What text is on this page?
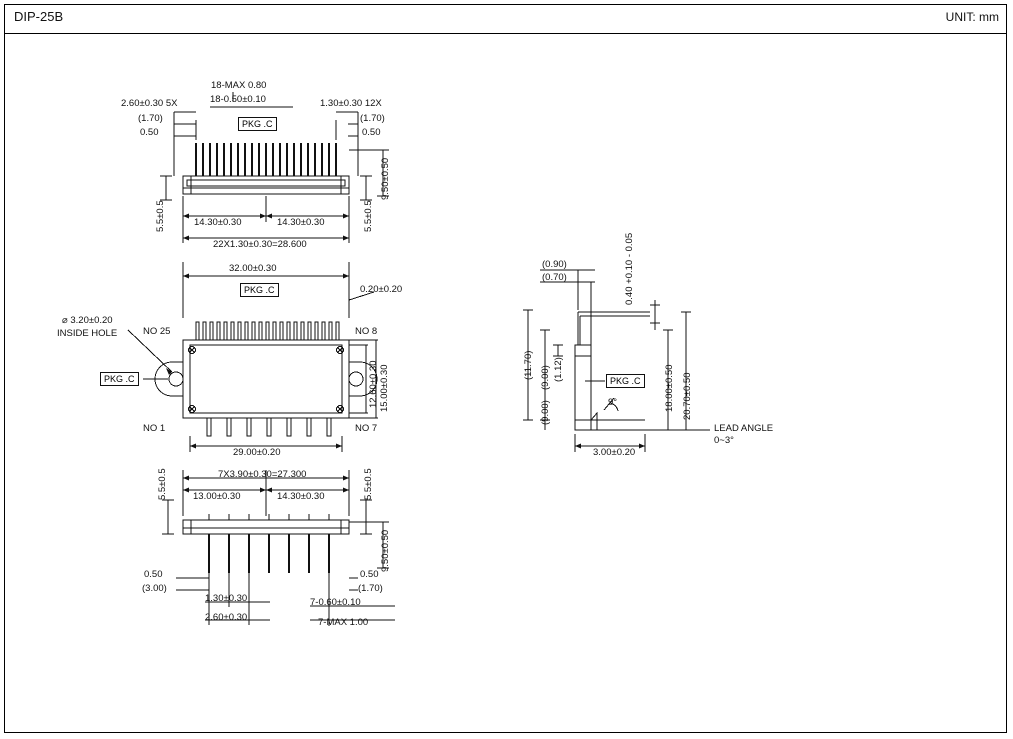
DIP-25B	UNIT: mm
PKG .C
18-MAX 0.80
18-0.50±0.10
2.60±0.30 5X
(1.70)
0.50
1.30±0.30 12X
(1.70)
0.50
5.5±0.5	5.5±0.5
9.50±0.50
14.30±0.30	14.30±0.30
22X1.30±0.30=28.600
32.00±0.30
PKG .C	0.20±0.20
⌀ 3.20±0.20
INSIDE HOLE
PKG .C
NO 25	NO 8
NO 1	NO 7
15.00±0.30
12.60±0.30
29.00±0.20
7X3.90±0.30=27.300
13.00±0.30	14.30±0.30
5.5±0.5	5.5±0.5
9.50±0.50
0.50
(3.00)
0.50
(1.70)
1.30±0.30
2.60±0.30
7-0.60±0.10
7-MAX 1.00
(0.90)
(0.70)
0.40 +0.10 - 0.05
(11.70) (9.00) (1.12)
(9.00)
PKG .C	18.00±0.50 20.70±0.50
9°
3.00±0.20
LEAD ANGLE
0~3°
